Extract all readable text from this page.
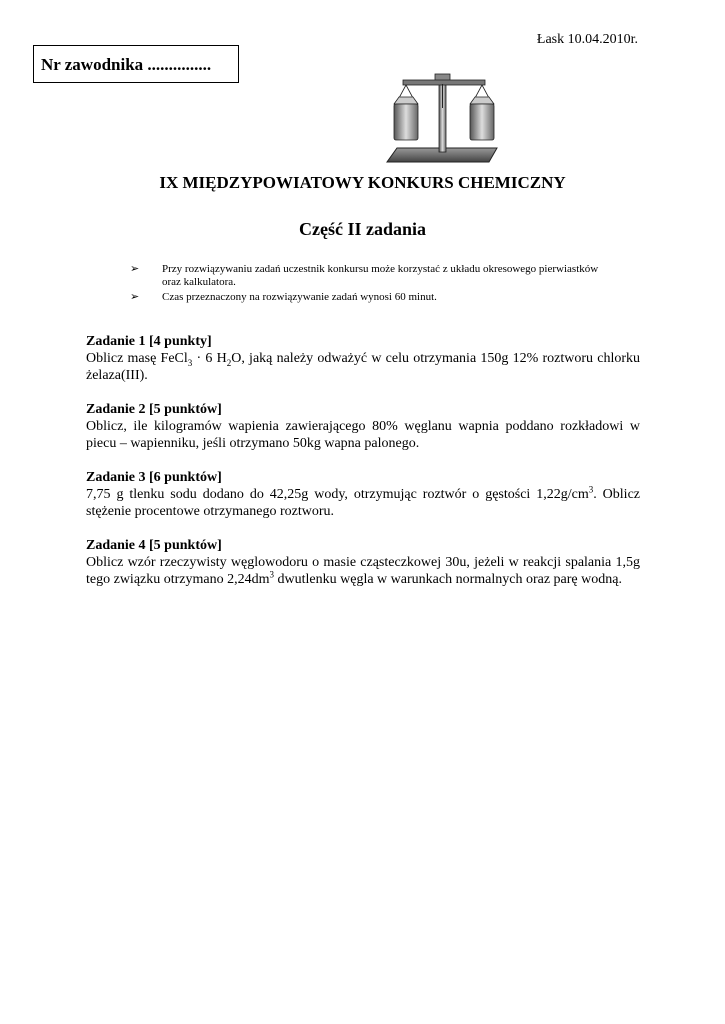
Łask 10.04.2010r.
Nr zawodnika ...............
IX MIĘDZYPOWIATOWY KONKURS CHEMICZNY
Część II zadania
➢ Przy rozwiązywaniu zadań uczestnik konkursu może korzystać z układu okresowego pierwiastków oraz kalkulatora.
➢ Czas przeznaczony na rozwiązywanie zadań wynosi 60 minut.
Zadanie 1 [4 punkty]
Oblicz masę FeCl$_3$ · 6 $H_2O$, jaką należy odważyć w celu otrzymania 150g 12% roztworu chlorku żelaza(III).
Zadanie 2 [5 punktów]
Oblicz, ile kilogramów wapienia zawierającego 80% węglanu wapnia poddano rozkładowi w piecu – wapienniku, jeśli otrzymano 50kg wapna palonego.
Zadanie 3 [6 punktów]
7,75 g tlenku sodu dodano do 42,25g wody, otrzymując roztwór o gęstości $1,22g/cm^3$. Oblicz stężenie procentowe otrzymanego roztworu.
Zadanie 4 [5 punktów]
Oblicz wzór rzeczywisty węglowodoru o masie cząsteczkowej 30u, jeżeli w reakcji spalania 1,5g tego związku otrzymano $2,24dm^3$ dwutlenku węgla w warunkach normalnych oraz parę wodną.
